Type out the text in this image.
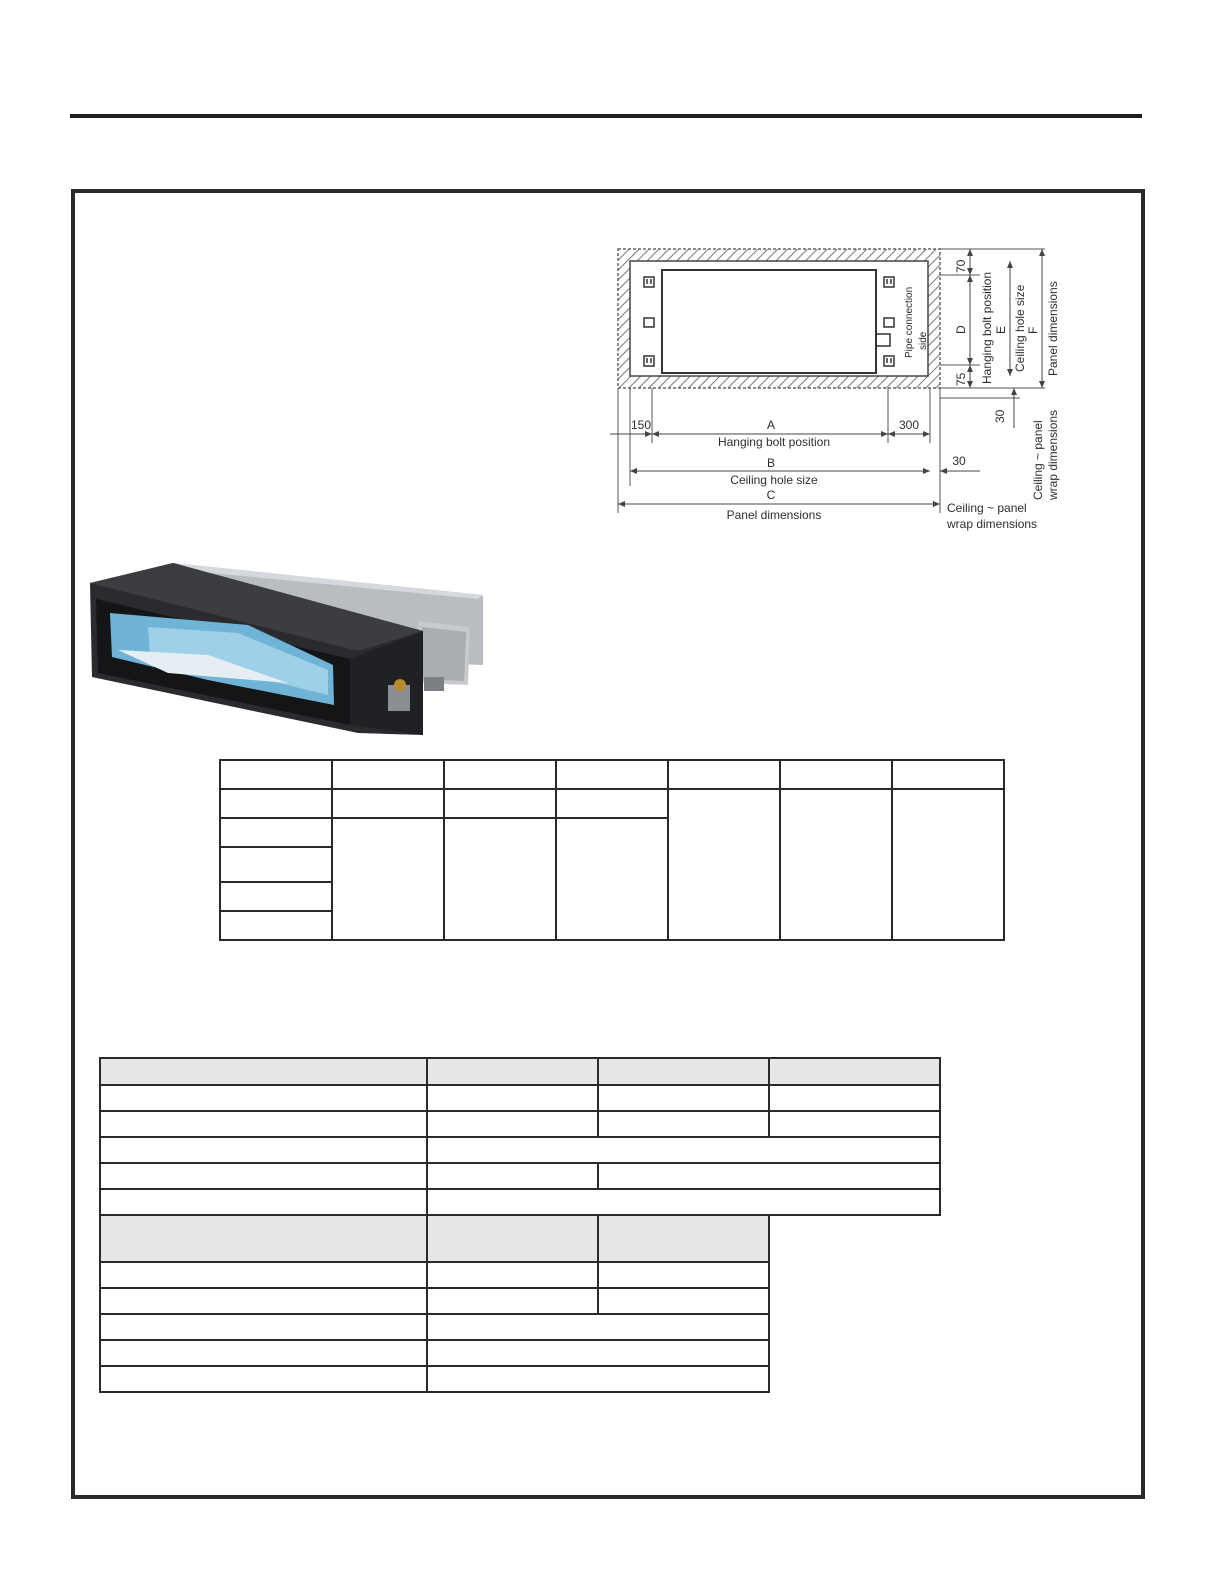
150	300
A
Hanging bolt position
B
Ceiling hole size
C
Panel dimensions
30
Ceiling ~ panel
wrap dimensions
70
D
75
30
Hanging bolt position E Ceiling hole size F Panel dimensions
Pipe connection side
Ceiling ~ panel wrap dimensions
